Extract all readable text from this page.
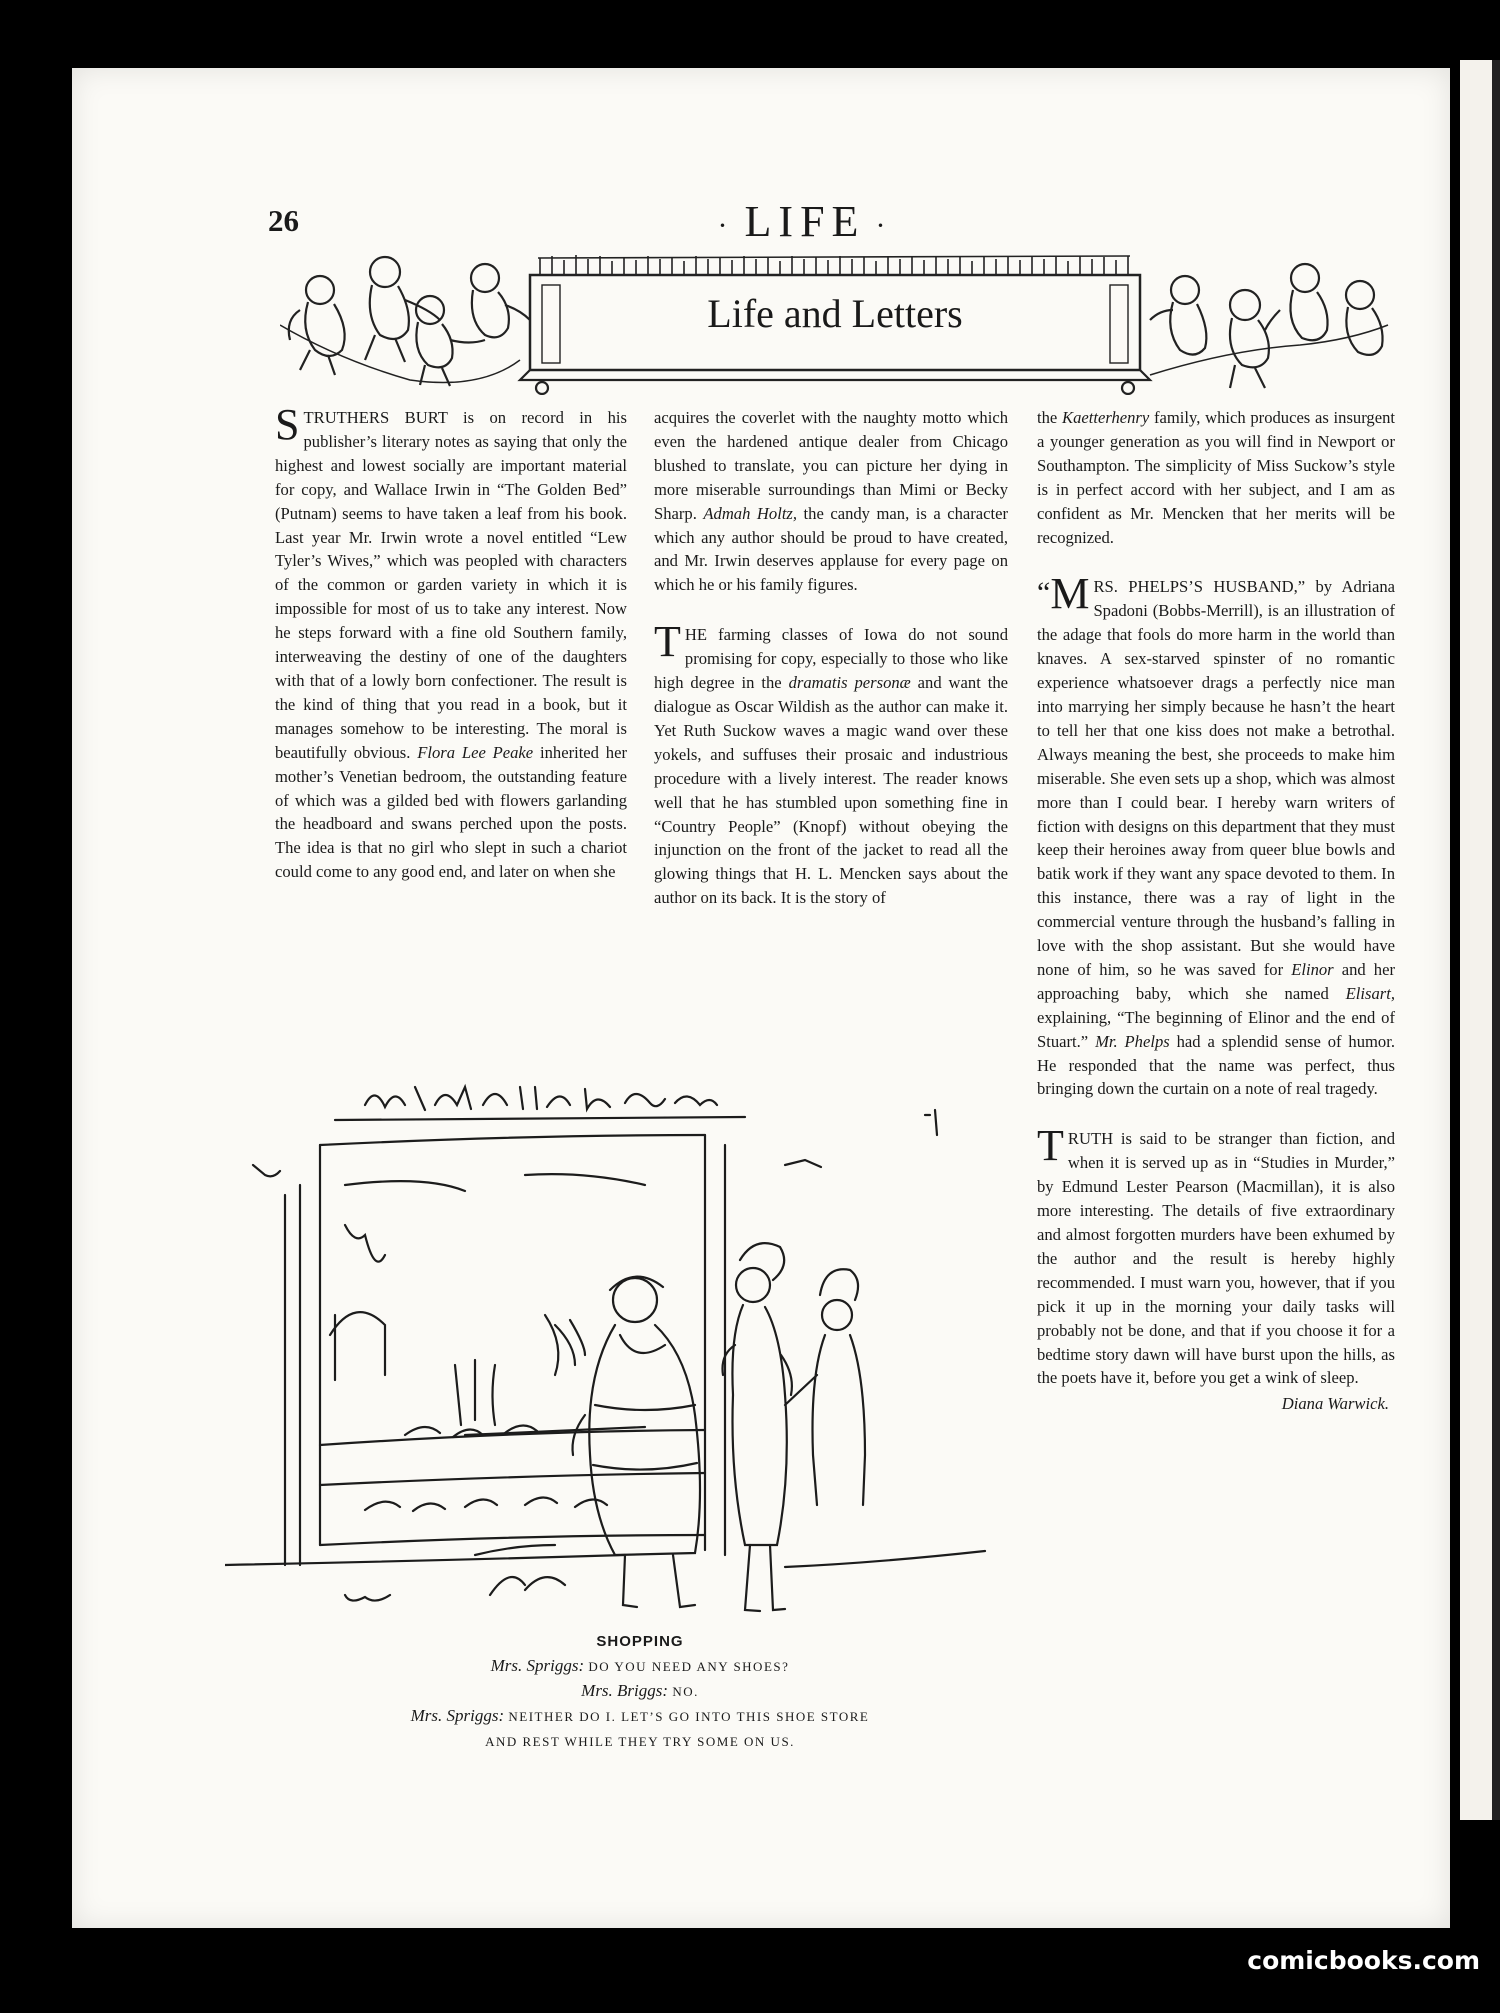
26	· LIFE ·
Life and Letters

STRUTHERS BURT is on record in his publisher’s literary notes as saying that only the highest and lowest socially are important material for copy, and Wallace Irwin in “The Golden Bed” (Putnam) seems to have taken a leaf from his book. Last year Mr. Irwin wrote a novel entitled “Lew Tyler’s Wives,” which was peopled with characters of the common or garden variety in which it is impossible for most of us to take any interest. Now he steps forward with a fine old Southern family, interweaving the destiny of one of the daughters with that of a lowly born confectioner. The result is the kind of thing that you read in a book, but it manages somehow to be interesting. The moral is beautifully obvious. Flora Lee Peake inherited her mother’s Venetian bedroom, the outstanding feature of which was a gilded bed with flowers garlanding the headboard and swans perched upon the posts. The idea is that no girl who slept in such a chariot could come to any good end, and later on when she

acquires the coverlet with the naughty motto which even the hardened antique dealer from Chicago blushed to translate, you can picture her dying in more miserable surroundings than Mimi or Becky Sharp. Admah Holtz, the candy man, is a character which any author should be proud to have created, and Mr. Irwin deserves applause for every page on which he or his family figures.

THE farming classes of Iowa do not sound promising for copy, especially to those who like high degree in the dramatis personæ and want the dialogue as Oscar Wildish as the author can make it. Yet Ruth Suckow waves a magic wand over these yokels, and suffuses their prosaic and industrious procedure with a lively interest. The reader knows well that he has stumbled upon something fine in “Country People” (Knopf) without obeying the injunction on the front of the jacket to read all the glowing things that H. L. Mencken says about the author on its back. It is the story of

the Kaetterhenry family, which produces as insurgent a younger generation as you will find in Newport or Southampton. The simplicity of Miss Suckow’s style is in perfect accord with her subject, and I am as confident as Mr. Mencken that her merits will be recognized.

“ M RS. PHELPS’S HUSBAND,” by Adriana Spadoni (Bobbs-Merrill), is an illustration of the adage that fools do more harm in the world than knaves. A sex-starved spinster of no romantic experience whatsoever drags a perfectly nice man into marrying her simply because he hasn’t the heart to tell her that one kiss does not make a betrothal. Always meaning the best, she proceeds to make him miserable. She even sets up a shop, which was almost more than I could bear. I hereby warn writers of fiction with designs on this department that they must keep their heroines away from queer blue bowls and batik work if they want any space devoted to them. In this instance, there was a ray of light in the commercial venture through the husband’s falling in love with the shop assistant. But she would have none of him, so he was saved for Elinor and her approaching baby, which she named Elisart, explaining, “The beginning of Elinor and the end of Stuart.” Mr. Phelps had a splendid sense of humor. He responded that the name was perfect, thus bringing down the curtain on a note of real tragedy.

TRUTH is said to be stranger than fiction, and when it is served up as in “Studies in Murder,” by Edmund Lester Pearson (Macmillan), it is also more interesting. The details of five extraordinary and almost forgotten murders have been exhumed by the author and the result is hereby highly recommended. I must warn you, however, that if you pick it up in the morning your daily tasks will probably not be done, and that if you choose it for a bedtime story dawn will have burst upon the hills, as the poets have it, before you get a wink of sleep.

Diana Warwick.
SHOPPING
Mrs. Spriggs: DO YOU NEED ANY SHOES?
Mrs. Briggs: NO.
Mrs. Spriggs: NEITHER DO I. LET’S GO INTO THIS SHOE STORE
AND REST WHILE THEY TRY SOME ON US.
comicbooks.com
